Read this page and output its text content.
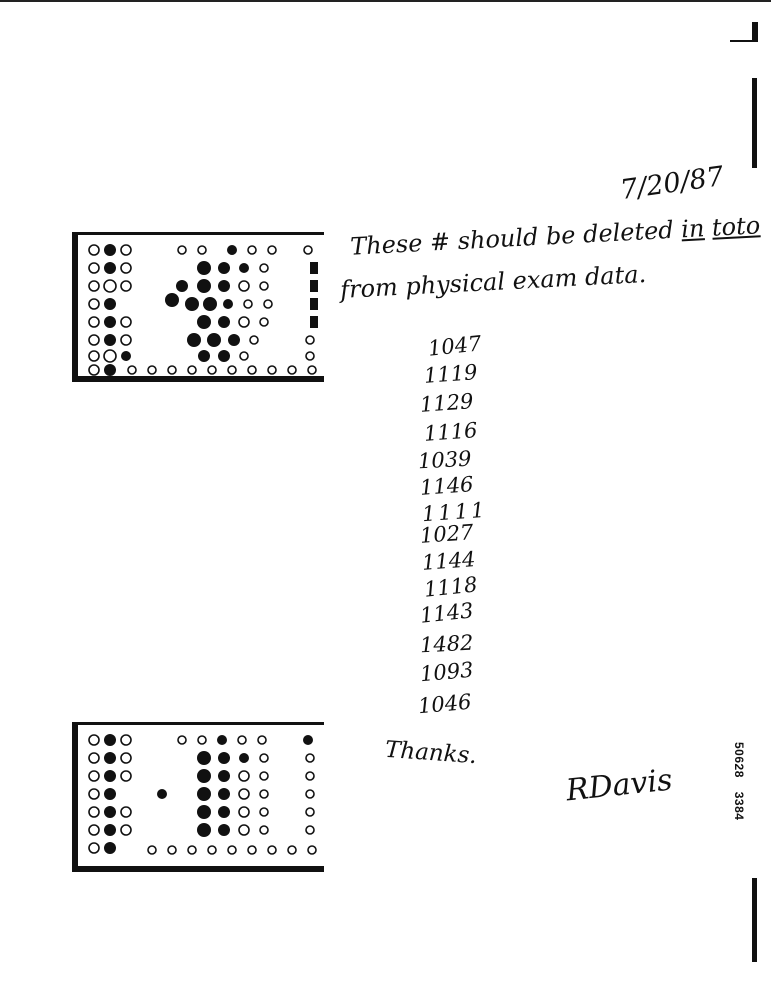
7/20/87
These # should be deleted in toto
from physical exam data.
1047
1119
1129
1116
1039
1146
1111
1027
1144
1118
1143
1482
1093
1046
Thanks.
RDavis
50628 3384
